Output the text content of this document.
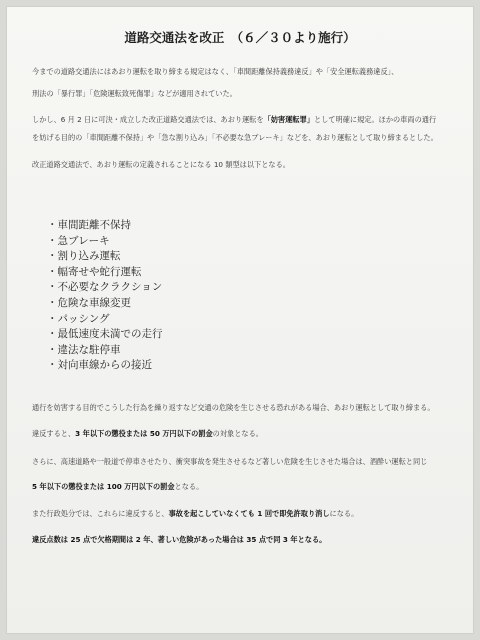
道路交通法を改正　（６／３０より施行）
今までの道路交通法にはあおり運転を取り締まる規定はなく、「車間距離保持義務違反」や「安全運転義務違反」、
刑法の「暴行罪」「危険運転致死傷罪」などが適用されていた。
しかし、6 月 2 日に可決・成立した改正道路交通法では、あおり運転を「妨害運転罪」として明確に規定。ほかの車両の通行
を妨げる目的の「車間距離不保持」や「急な割り込み」「不必要な急ブレーキ」などを、あおり運転として取り締まるとした。
改正道路交通法で、あおり運転の定義されることになる 10 類型は以下となる。
・車間距離不保持
・急ブレーキ
・割り込み運転
・幅寄せや蛇行運転
・不必要なクラクション
・危険な車線変更
・パッシング
・最低速度未満での走行
・違法な駐停車
・対向車線からの接近
通行を妨害する目的でこうした行為を繰り返すなど交通の危険を生じさせる恐れがある場合、あおり運転として取り締まる。
違反すると、3 年以下の懲役または 50 万円以下の罰金の対象となる。
さらに、高速道路や一般道で停車させたり、衝突事故を発生させるなど著しい危険を生じさせた場合は、酒酔い運転と同じ
5 年以下の懲役または 100 万円以下の罰金となる。
また行政処分では、これらに違反すると、事故を起こしていなくても 1 回で即免許取り消しになる。
違反点数は 25 点で欠格期間は 2 年、著しい危険があった場合は 35 点で同 3 年となる。
